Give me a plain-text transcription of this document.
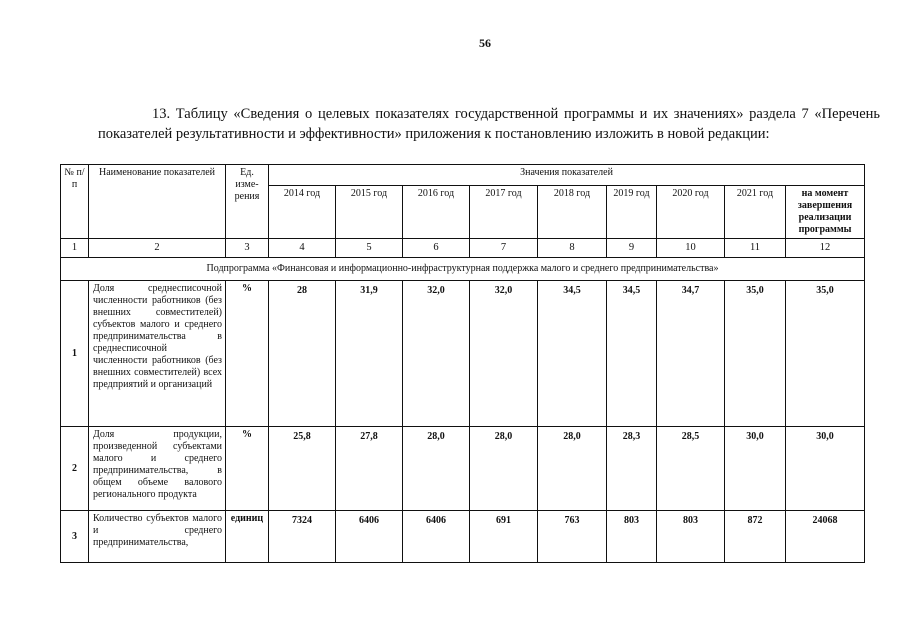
56

13. Таблицу «Сведения о целевых показателях государственной программы и их значениях» раздела 7 «Перечень показателей результативности и эффективности» приложения к постановлению изложить в новой редакции:

№ п/п	Наименование показателей	Ед. изме- рения	Значения показателей								
			2014 год	2015 год	2016 год	2017 год	2018 год	2019 год	2020 год	2021 год	на момент завершения реализации программы
1	2	3	4	5	6	7	8	9	10	11	12
Подпрограмма «Финансовая и информационно-инфраструктурная поддержка малого и среднего предпринимательства»											
1	Доля среднесписочной численности работников (без внешних совместителей) субъектов малого и среднего предпринимательства в среднесписочной численности работников (без внешних совместителей) всех предприятий и организаций	%	28	31,9	32,0	32,0	34,5	34,5	34,7	35,0	35,0
2	Доля продукции, произведенной субъектами малого и среднего предпринимательства, в общем объеме валового регионального продукта	%	25,8	27,8	28,0	28,0	28,0	28,3	28,5	30,0	30,0
3	Количество субъектов малого и среднего предпринимательства,	единиц	7324	6406	6406	691	763	803	803	872	24068
